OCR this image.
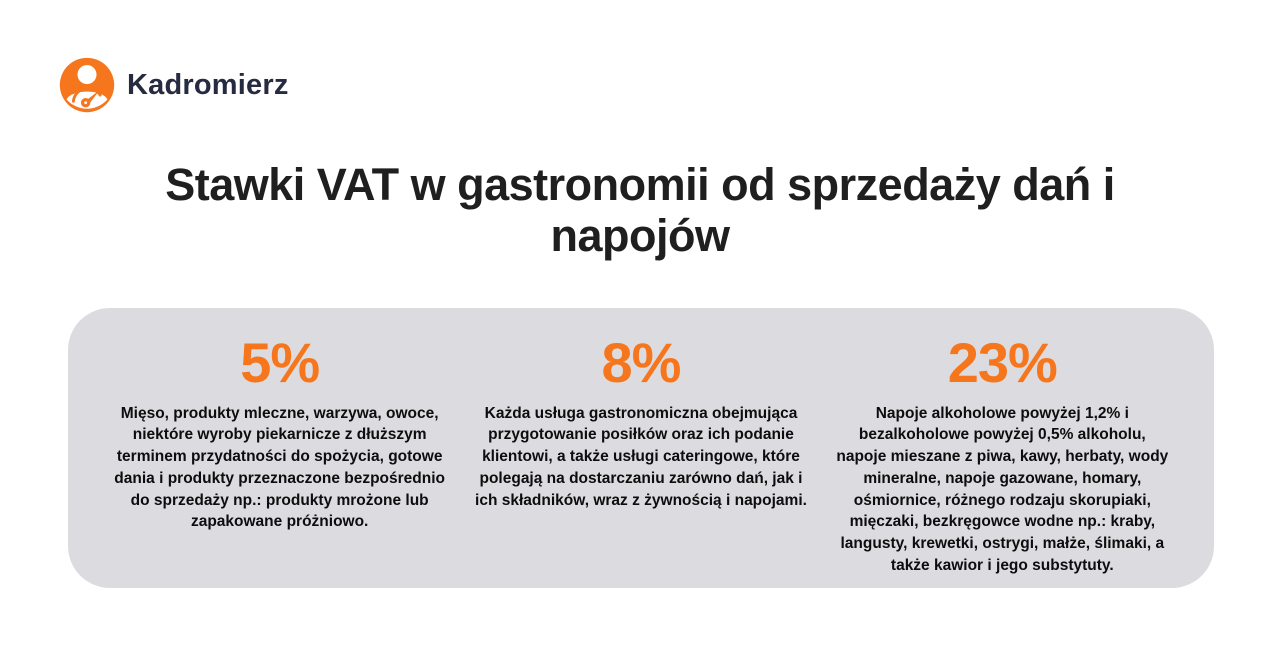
Kadromierz
Stawki VAT w gastronomii od sprzedaży dań i napojów
5%
Mięso, produkty mleczne, warzywa, owoce, niektóre wyroby piekarnicze z dłuższym terminem przydatności do spożycia, gotowe dania i produkty przeznaczone bezpośrednio do sprzedaży np.: produkty mrożone lub zapakowane próżniowo.
8%
Każda usługa gastronomiczna obejmująca przygotowanie posiłków oraz ich podanie klientowi, a także usługi cateringowe, które polegają na dostarczaniu zarówno dań, jak i ich składników, wraz z żywnością i napojami.
23%
Napoje alkoholowe powyżej 1,2% i bezalkoholowe powyżej 0,5% alkoholu, napoje mieszane z piwa, kawy, herbaty, wody mineralne, napoje gazowane, homary, ośmiornice, różnego rodzaju skorupiaki, mięczaki, bezkręgowce wodne np.: kraby, langusty, krewetki, ostrygi, małże, ślimaki, a także kawior i jego substytuty.
